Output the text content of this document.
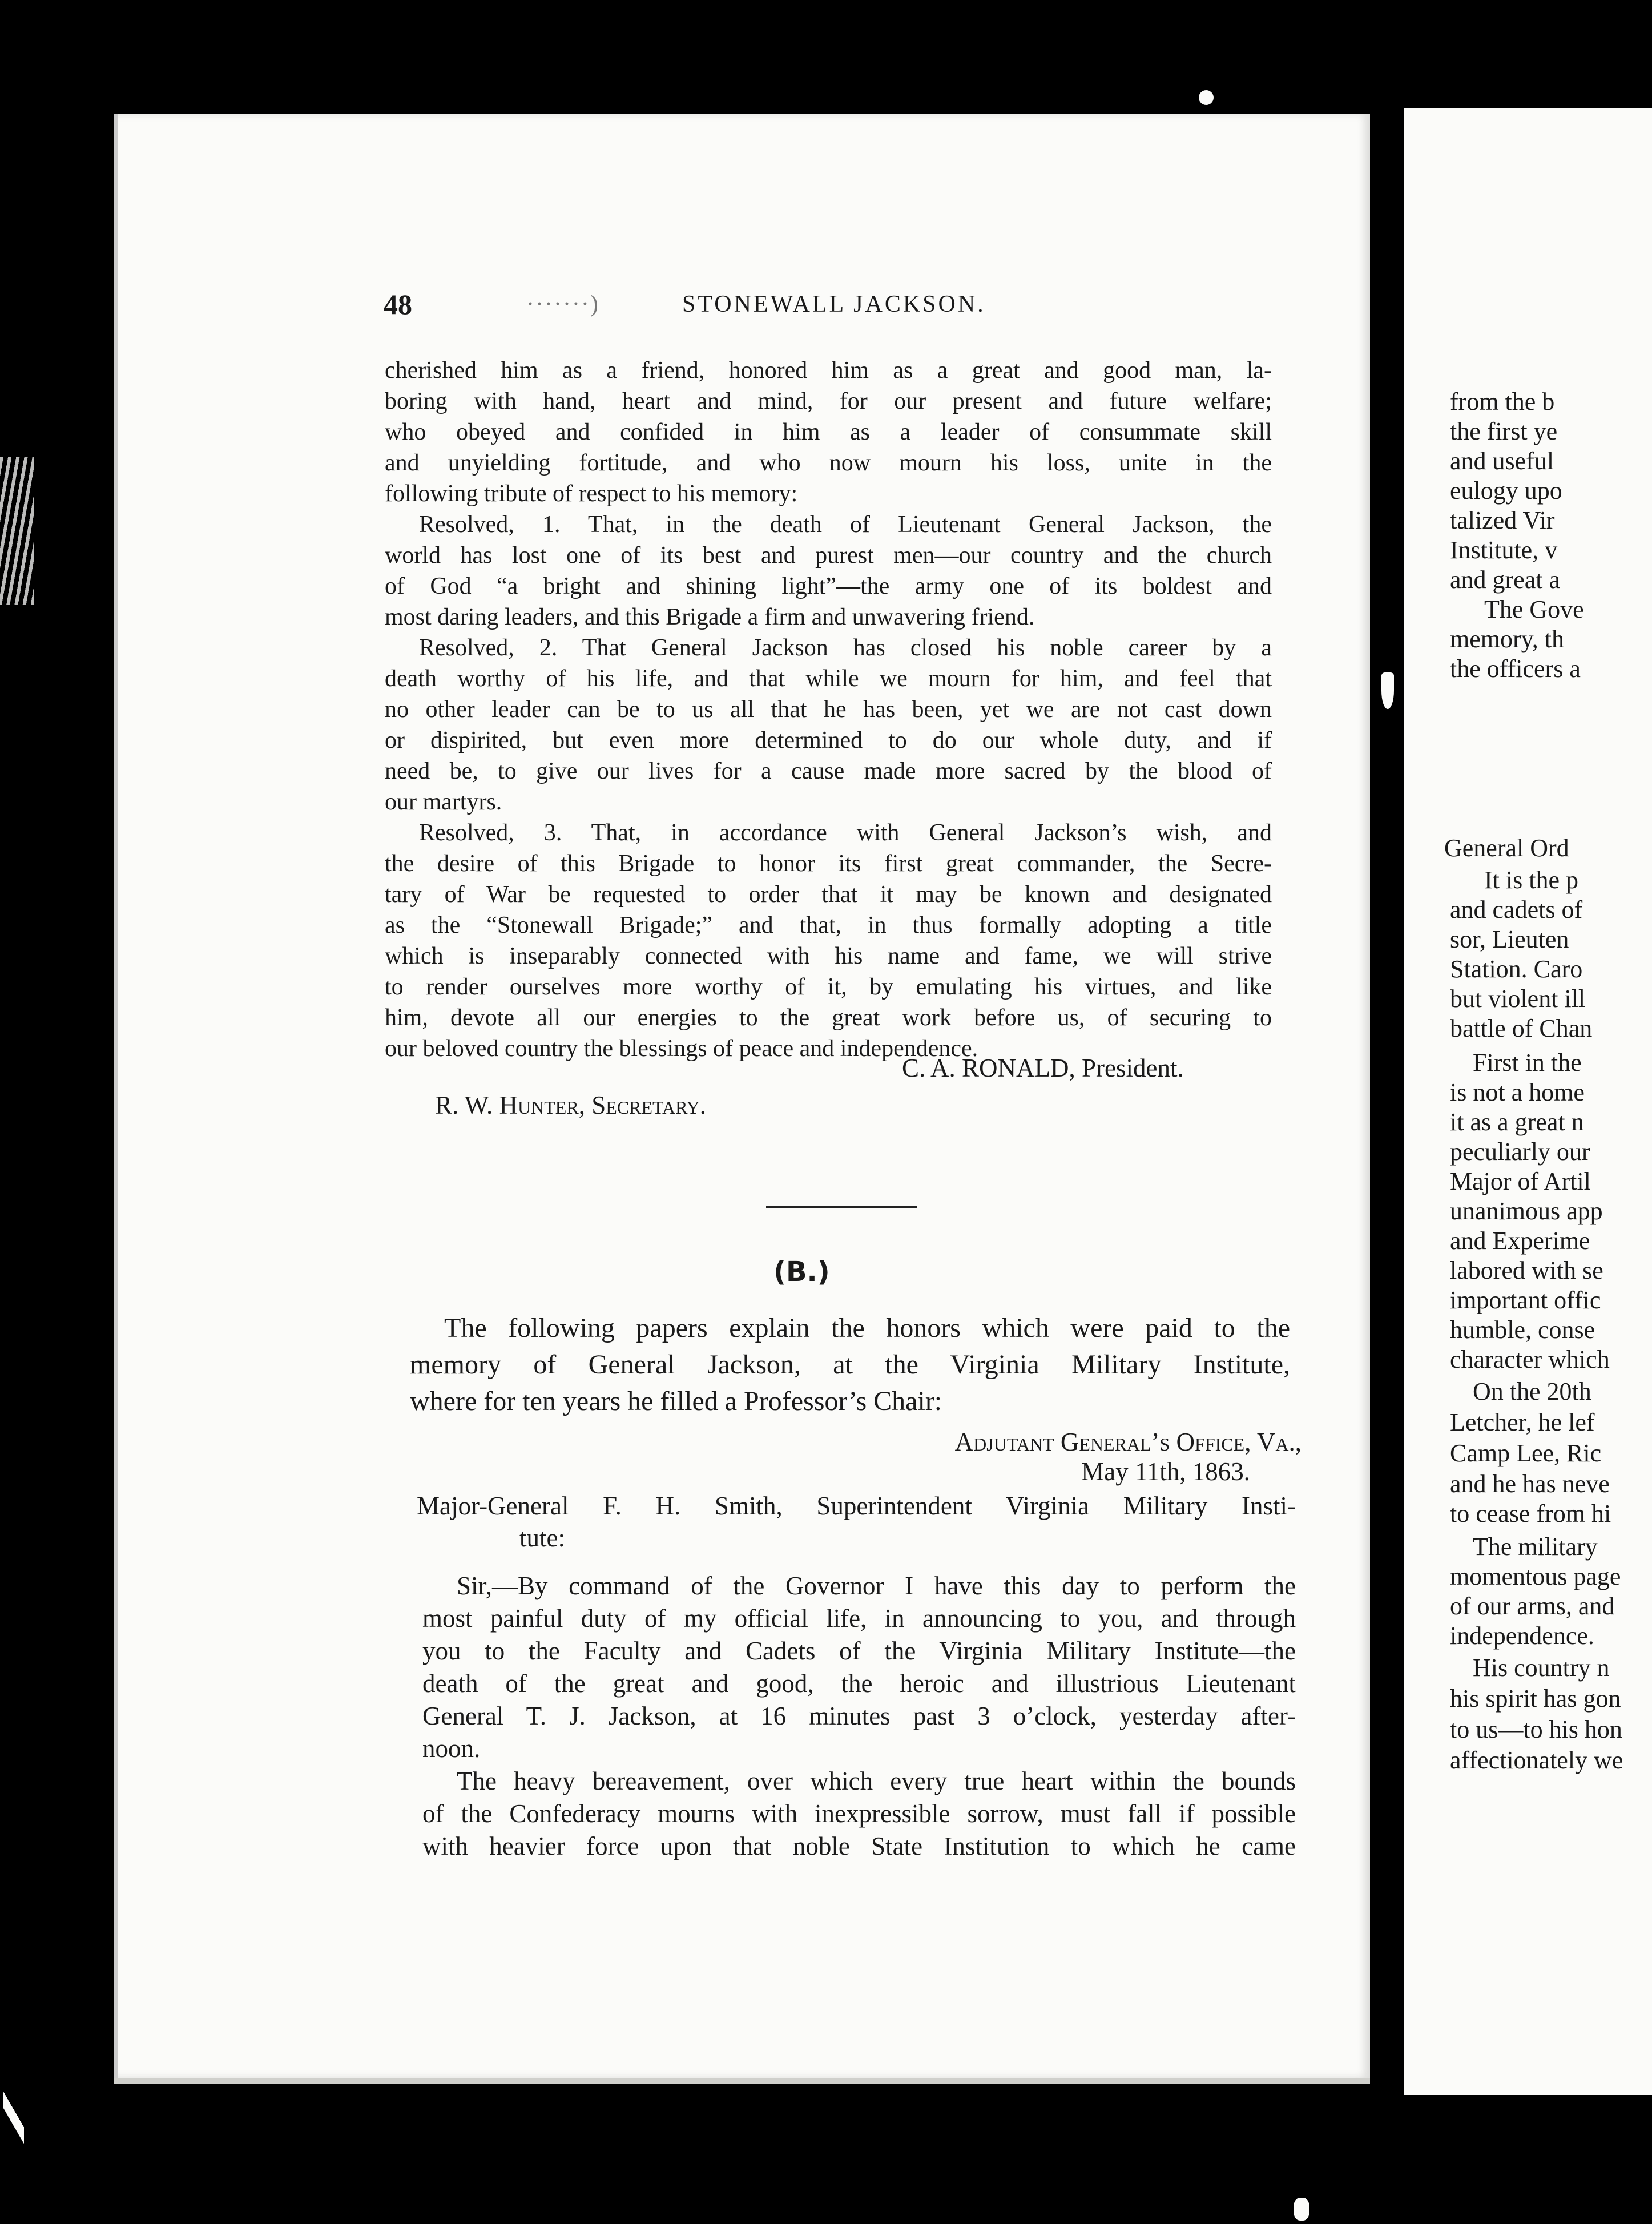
48	·······)	STONEWALL JACKSON.
cherished him as a friend, honored him as a great and good man, la-
boring with hand, heart and mind, for our present and future welfare;
who obeyed and confided in him as a leader of consummate skill
and unyielding fortitude, and who now mourn his loss, unite in the
following tribute of respect to his memory:
Resolved, 1. That, in the death of Lieutenant General Jackson, the
world has lost one of its best and purest men—our country and the church
of God “a bright and shining light”—the army one of its boldest and
most daring leaders, and this Brigade a firm and unwavering friend.
Resolved, 2. That General Jackson has closed his noble career by a
death worthy of his life, and that while we mourn for him, and feel that
no other leader can be to us all that he has been, yet we are not cast down
or dispirited, but even more determined to do our whole duty, and if
need be, to give our lives for a cause made more sacred by the blood of
our martyrs.
Resolved, 3. That, in accordance with General Jackson’s wish, and
the desire of this Brigade to honor its first great commander, the Secre-
tary of War be requested to order that it may be known and designated
as the “Stonewall Brigade;” and that, in thus formally adopting a title
which is inseparably connected with his name and fame, we will strive
to render ourselves more worthy of it, by emulating his virtues, and like
him, devote all our energies to the great work before us, of securing to
our beloved country the blessings of peace and independence.
C. A. RONALD, President.
R. W. Hunter, Secretary.
(B.)
The following papers explain the honors which were paid to the
memory of General Jackson, at the Virginia Military Institute,
where for ten years he filled a Professor’s Chair:
Adjutant General’s Office, Va.,
May 11th, 1863.
Major-General F. H. Smith, Superintendent Virginia Military Insti-
tute:
Sir,—By command of the Governor I have this day to perform the
most painful duty of my official life, in announcing to you, and through
you to the Faculty and Cadets of the Virginia Military Institute—the
death of the great and good, the heroic and illustrious Lieutenant
General T. J. Jackson, at 16 minutes past 3 o’clock, yesterday after-
noon.
The heavy bereavement, over which every true heart within the bounds
of the Confederacy mourns with inexpressible sorrow, must fall if possible
with heavier force upon that noble State Institution to which he came
from the b
the first ye
and useful
eulogy upo
talized Vir
Institute, v
and great a
The Gove
memory, th
the officers a
General Ord
It is the p
and cadets of
sor, Lieuten
Station. Caro
but violent ill
battle of Chan
First in the
is not a home
it as a great n
peculiarly our
Major of Artil
unanimous app
and Experime
labored with se
important offic
humble, conse
character which
On the 20th
Letcher, he lef
Camp Lee, Ric
and he has neve
to cease from hi
The military
momentous page
of our arms, and
independence.
His country n
his spirit has gon
to us—to his hon
affectionately we
